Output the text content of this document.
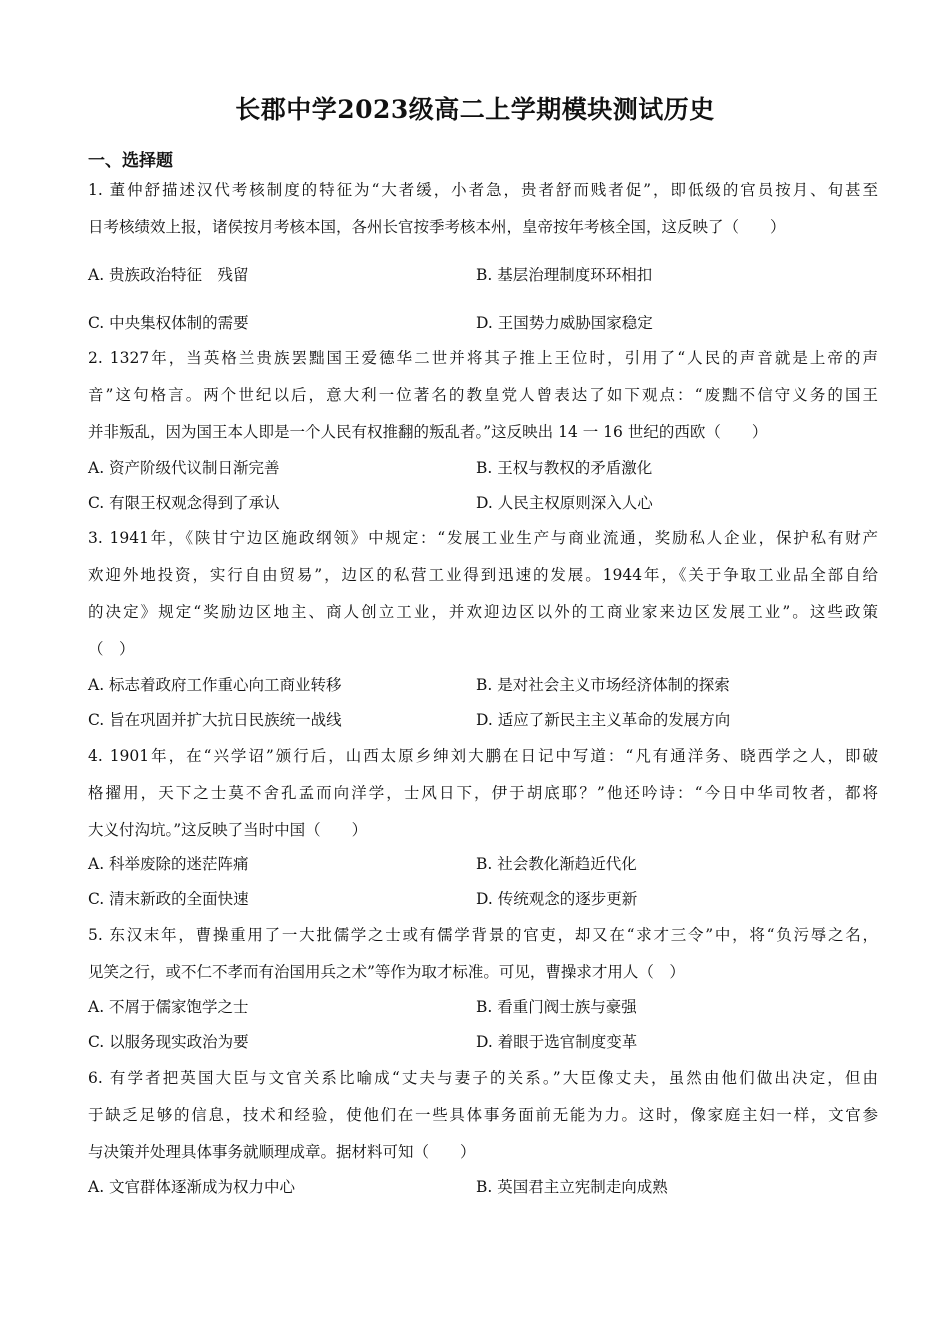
长郡中学2023级高二上学期模块测试历史
一、选择题
1. 董仲舒描述汉代考核制度的特征为“大者缓，小者急，贵者舒而贱者促”，即低级的官员按月、旬甚至
日考核绩效上报，诸侯按月考核本国，各州长官按季考核本州，皇帝按年考核全国，这反映了（　　）
A. 贵族政治特征　残留	B. 基层治理制度环环相扣
C. 中央集权体制的需要	D. 王国势力威胁国家稳定
2. 1327年，当英格兰贵族罢黜国王爱德华二世并将其子推上王位时，引用了“人民的声音就是上帝的声
音”这句格言。两个世纪以后，意大利一位著名的教皇党人曾表达了如下观点：“废黜不信守义务的国王
并非叛乱，因为国王本人即是一个人民有权推翻的叛乱者。”这反映出 14 一 16 世纪的西欧（　　）
A. 资产阶级代议制日渐完善	B. 王权与教权的矛盾激化
C. 有限王权观念得到了承认	D. 人民主权原则深入人心
3. 1941年，《陕甘宁边区施政纲领》中规定：“发展工业生产与商业流通，奖励私人企业，保护私有财产
欢迎外地投资，实行自由贸易”，边区的私营工业得到迅速的发展。1944年，《关于争取工业品全部自给
的决定》规定“奖励边区地主、商人创立工业，并欢迎边区以外的工商业家来边区发展工业”。这些政策
（　）
A. 标志着政府工作重心向工商业转移	B. 是对社会主义市场经济体制的探索
C. 旨在巩固并扩大抗日民族统一战线	D. 适应了新民主主义革命的发展方向
4. 1901年，在“兴学诏”颁行后，山西太原乡绅刘大鹏在日记中写道：“凡有通洋务、晓西学之人，即破
格擢用，天下之士莫不舍孔孟而向洋学，士风日下，伊于胡底耶？”他还吟诗：“今日中华司牧者，都将
大义付沟坑。”这反映了当时中国（　　）
A. 科举废除的迷茫阵痛	B. 社会教化渐趋近代化
C. 清末新政的全面快速	D. 传统观念的逐步更新
5. 东汉末年，曹操重用了一大批儒学之士或有儒学背景的官吏，却又在“求才三令”中，将“负污辱之名，
见笑之行，或不仁不孝而有治国用兵之术”等作为取才标准。可见，曹操求才用人（　）
A. 不屑于儒家饱学之士	B. 看重门阀士族与豪强
C. 以服务现实政治为要	D. 着眼于选官制度变革
6. 有学者把英国大臣与文官关系比喻成“丈夫与妻子的关系。”大臣像丈夫，虽然由他们做出决定，但由
于缺乏足够的信息，技术和经验，使他们在一些具体事务面前无能为力。这时，像家庭主妇一样，文官参
与决策并处理具体事务就顺理成章。据材料可知（　　）
A. 文官群体逐渐成为权力中心	B. 英国君主立宪制走向成熟
